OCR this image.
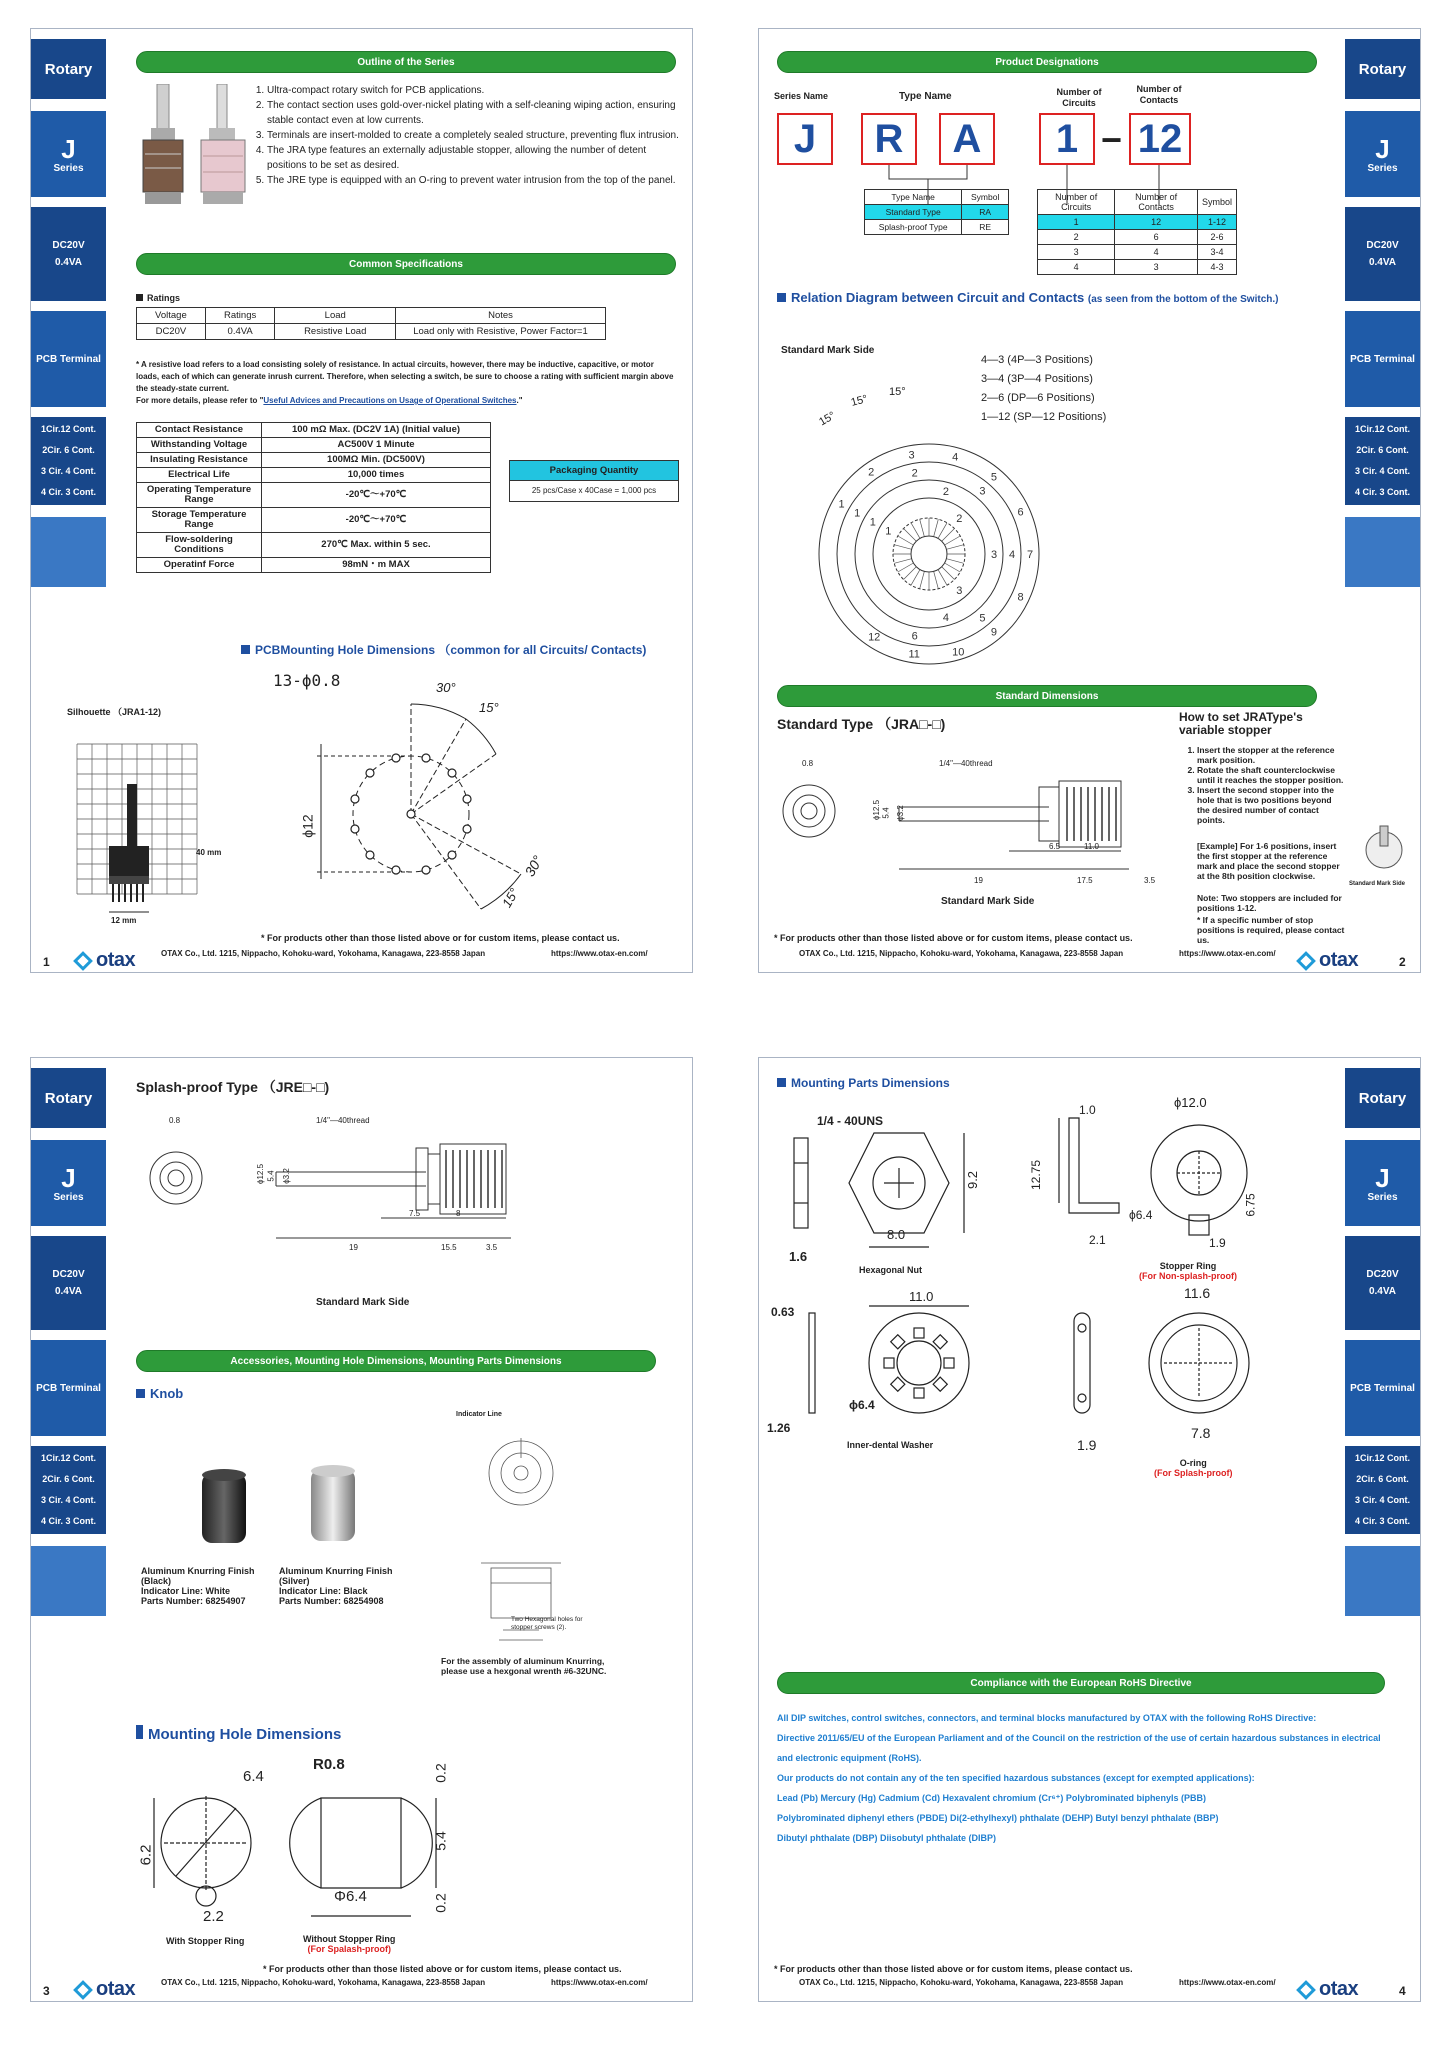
Rotary
J
Series
DC20V
0.4VA
PCB Terminal
1Cir.12 Cont.
2Cir. 6 Cont.
3 Cir. 4 Cont.
4 Cir. 3 Cont.
Outline of the Series
1. Ultra-compact rotary switch for PCB applications.
2. The contact section uses gold-over-nickel plating with a self-cleaning wiping action, ensuring stable contact even at low currents.
3. Terminals are insert-molded to create a completely sealed structure, preventing flux intrusion.
4. The JRA type features an externally adjustable stopper, allowing the number of detent positions to be set as desired.
5. The JRE type is equipped with an O-ring to prevent water intrusion from the top of the panel.
Common Specifications
Ratings
Voltage	Ratings	Load	Notes
DC20V	0.4VA	Resistive Load	Load only with Resistive, Power Factor=1
* A resistive load refers to a load consisting solely of resistance. In actual circuits, however, there may be inductive, capacitive, or motor loads, each of which can generate inrush current. Therefore, when selecting a switch, be sure to choose a rating with sufficient margin above the steady-state current.
For more details, please refer to "Useful Advices and Precautions on Usage of Operational Switches."
Contact Resistance	100 mΩ Max. (DC2V 1A) (Initial value)
Withstanding Voltage	AC500V 1 Minute
Insulating Resistance	100MΩ Min. (DC500V)
Electrical Life	10,000 times
Operating Temperature Range	-20℃～+70℃
Storage Temperature Range	-20℃～+70℃
Flow-soldering Conditions	270℃ Max. within 5 sec.
Operatinf Force	98mN・m MAX
Packaging Quantity
25 pcs/Case x 40Case = 1,000 pcs
PCBMounting Hole Dimensions （common for all Circuits/ Contacts)
Silhouette （JRA1-12)
40 mm
12 mm
13-ϕ0.8	30°
15°
ϕ12
30°
15°
* For products other than those listed above or for custom items, please contact us.
1	otax	OTAX Co., Ltd. 1215, Nippacho, Kohoku-ward, Yokohama, Kanagawa, 223-8558 Japan	https://www.otax-en.com/
Rotary
J
Series
DC20V
0.4VA
PCB Terminal
1Cir.12 Cont.
2Cir. 6 Cont.
3 Cir. 4 Cont.
4 Cir. 3 Cont.
Product Designations
Series Name	Type Name	Number of Circuits
Number of Contacts
J	R	A	1 − 12
Type Name	Symbol
Standard Type	RA
Splash-proof Type	RE
Number of Circuits	Number of Contacts	Symbol
1	12	1-12
2	6	2-6
3	4	3-4
4	3	4-3
Relation Diagram between Circuit and Contacts (as seen from the bottom of the Switch.)
Standard Mark Side
4—3 (4P—3 Positions)
3—4 (3P—4 Positions)
2—6 (DP—6 Positions)
1—12 (SP—12 Positions)
1
2
3	4
5
6
7
8
9
10
11
12
1
2
3
4
5
6
1
2
3
4
1
2
3
15°
15°
15°
Standard Dimensions
Standard Type （JRA□-□)
0.8	1/4"—40thread
ϕ12.5 5.4 ϕ3.2
6.5	11.0
19	17.5	3.5
Standard Mark Side
How to set JRAType's variable stopper
1. Insert the stopper at the reference mark position.
2. Rotate the shaft counterclockwise until it reaches the stopper position.
3. Insert the second stopper into the hole that is two positions beyond the desired number of contact points.
[Example] For 1-6 positions, insert the first stopper at the reference mark and place the second stopper at the 8th position clockwise.
Note: Two stoppers are included for positions 1-12.
* If a specific number of stop positions is required, please contact us.
Standard Mark Side
* For products other than those listed above or for custom items, please contact us.
OTAX Co., Ltd. 1215, Nippacho, Kohoku-ward, Yokohama, Kanagawa, 223-8558 Japan	https://www.otax-en.com/	otax	2
Rotary
J
Series
DC20V
0.4VA
PCB Terminal
1Cir.12 Cont.
2Cir. 6 Cont.
3 Cir. 4 Cont.
4 Cir. 3 Cont.
Splash-proof Type （JRE□-□)
0.8	1/4"—40thread
ϕ12.5 5.4 ϕ3.2
7.5	8
19	15.5	3.5
Standard Mark Side
Accessories, Mounting Hole Dimensions, Mounting Parts Dimensions
Knob
Aluminum Knurring Finish (Black)
Indicator Line: White
Parts Number: 68254907
Aluminum Knurring Finish (Silver)
Indicator Line: Black
Parts Number: 68254908
Indicator Line
Two Hexagonal holes for stopper screws (2).
For the assembly of aluminum Knurring, please use a hexgonal wrenth #6-32UNC.
Mounting Hole Dimensions
6.4
6.2
2.2
R0.8	0.2
5.4
0.2
Φ6.4
With Stopper Ring	Without Stopper Ring
(For Spalash-proof)
* For products other than those listed above or for custom items, please contact us.
3	otax	OTAX Co., Ltd. 1215, Nippacho, Kohoku-ward, Yokohama, Kanagawa, 223-8558 Japan	https://www.otax-en.com/
Rotary
J
Series
DC20V
0.4VA
PCB Terminal
1Cir.12 Cont.
2Cir. 6 Cont.
3 Cir. 4 Cont.
4 Cir. 3 Cont.
Mounting Parts Dimensions
1/4 - 40UNS
9.2
8.0
1.6
Hexagonal Nut
1.0
12.75
2.1
ϕ12.0
ϕ6.4	6.75
1.9
Stopper Ring
(For Non-splash-proof)
0.63
11.0
ϕ6.4
1.26
Inner-dental Washer
11.6
7.8
1.9
O-ring
(For Splash-proof)
Compliance with the European RoHS Directive
All DIP switches, control switches, connectors, and terminal blocks manufactured by OTAX with the following RoHS Directive:
Directive 2011/65/EU of the European Parliament and of the Council on the restriction of the use of certain hazardous substances in electrical and electronic equipment (RoHS).
Our products do not contain any of the ten specified hazardous substances (except for exempted applications):
Lead (Pb) Mercury (Hg) Cadmium (Cd) Hexavalent chromium (Cr⁶⁺) Polybrominated biphenyls (PBB)
Polybrominated diphenyl ethers (PBDE) Di(2-ethylhexyl) phthalate (DEHP) Butyl benzyl phthalate (BBP)
Dibutyl phthalate (DBP) Diisobutyl phthalate (DIBP)
* For products other than those listed above or for custom items, please contact us.
OTAX Co., Ltd. 1215, Nippacho, Kohoku-ward, Yokohama, Kanagawa, 223-8558 Japan	https://www.otax-en.com/	otax	4
